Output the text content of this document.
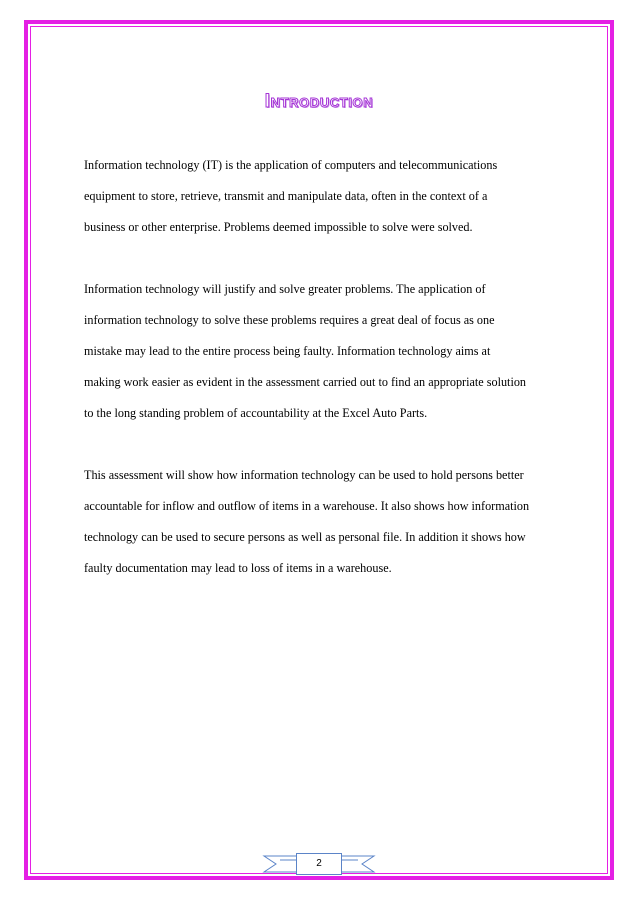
Introduction

Information technology (IT) is the application of computers and telecommunications
equipment to store, retrieve, transmit and manipulate data, often in the context of a
business or other enterprise. Problems deemed impossible to solve were solved.

Information technology will justify and solve greater problems. The application of
information technology to solve these problems requires a great deal of focus as one
mistake may lead to the entire process being faulty. Information technology aims at
making work easier as evident in the assessment carried out to find an appropriate solution
to the long standing problem of accountability at the Excel Auto Parts.

This assessment will show how information technology can be used to hold persons better
accountable for inflow and outflow of items in a warehouse. It also shows how information
technology can be used to secure persons as well as personal file. In addition it shows how
faulty documentation may lead to loss of items in a warehouse.

2
